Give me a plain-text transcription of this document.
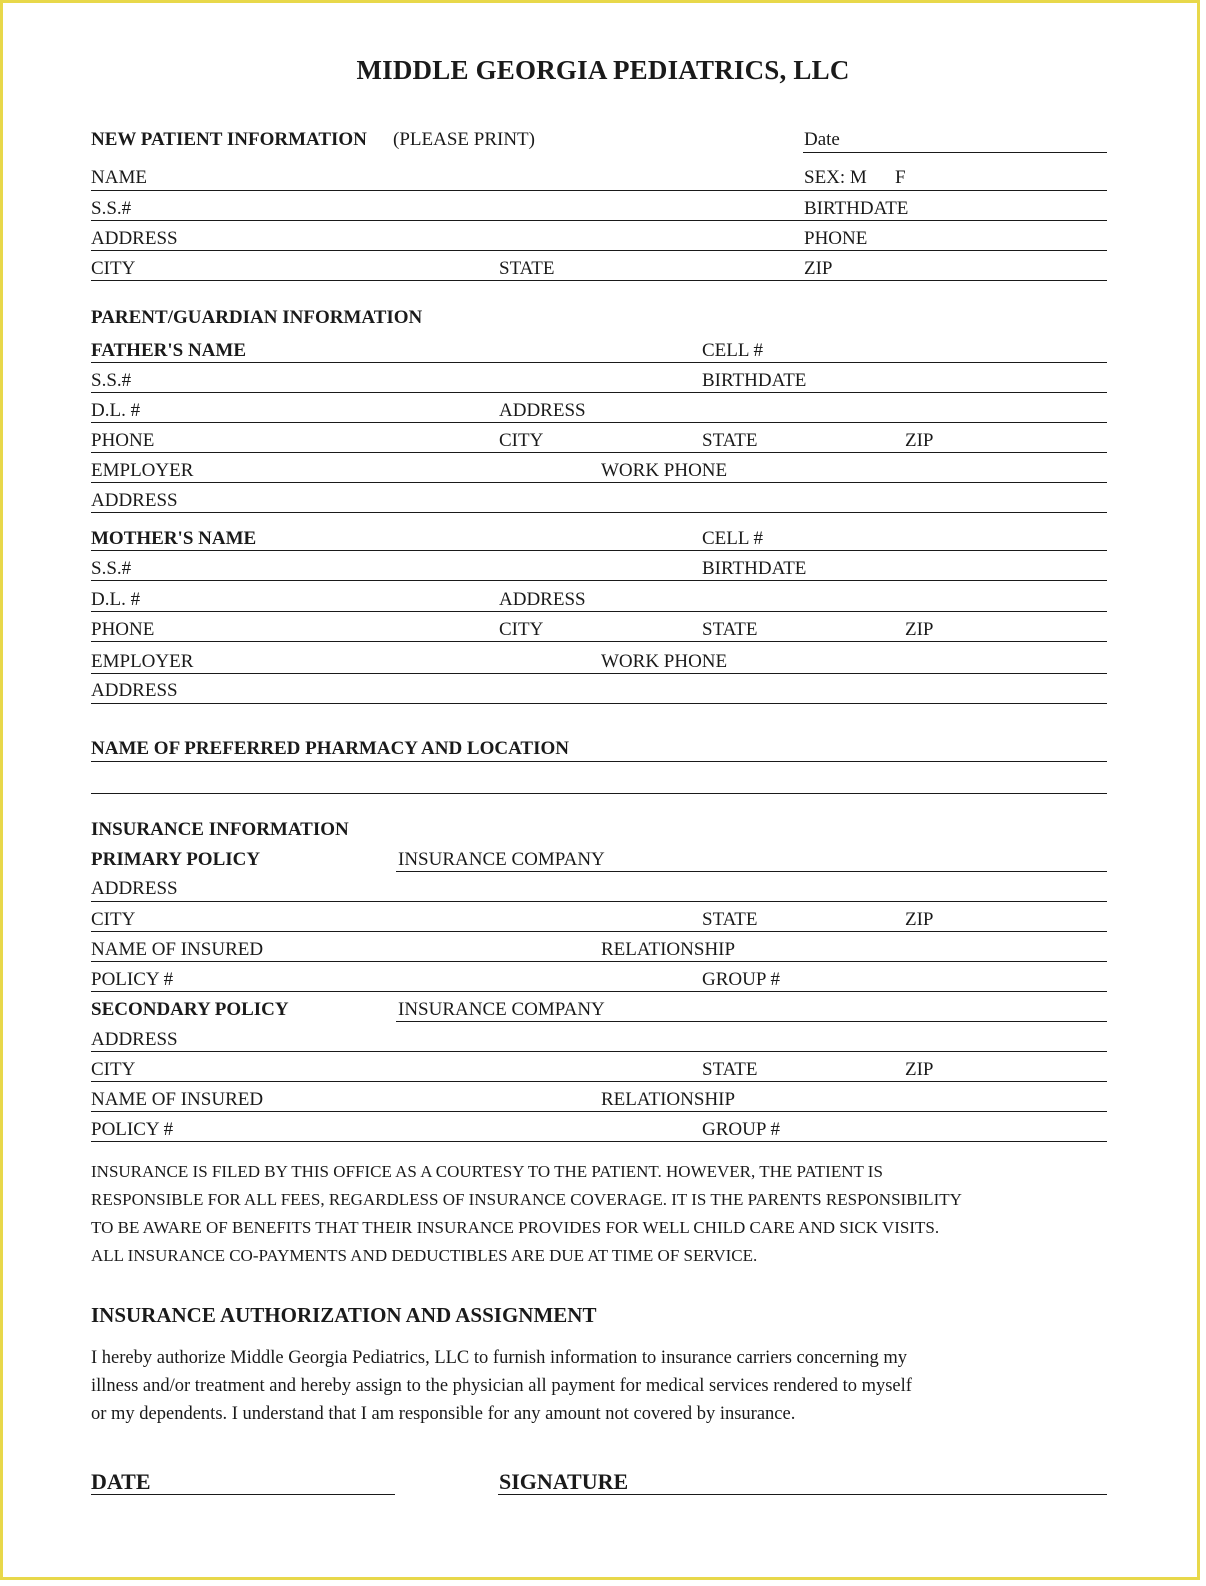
MIDDLE GEORGIA PEDIATRICS, LLC
NEW PATIENT INFORMATION (PLEASE PRINT)	Date
NAME	SEX: M F
S.S.#	BIRTHDATE
ADDRESS	PHONE
CITY	STATE	ZIP
PARENT/GUARDIAN INFORMATION
FATHER'S NAME	CELL #
S.S.#	BIRTHDATE
D.L. #	ADDRESS
PHONE	CITY	STATE	ZIP
EMPLOYER	WORK PHONE
ADDRESS
MOTHER'S NAME	CELL #
S.S.#	BIRTHDATE
D.L. #	ADDRESS
PHONE	CITY	STATE	ZIP
EMPLOYER	WORK PHONE
ADDRESS
NAME OF PREFERRED PHARMACY AND LOCATION
INSURANCE INFORMATION
PRIMARY POLICY	INSURANCE COMPANY
ADDRESS
CITY	STATE	ZIP
NAME OF INSURED	RELATIONSHIP
POLICY #	GROUP #
SECONDARY POLICY	INSURANCE COMPANY
ADDRESS
CITY	STATE	ZIP
NAME OF INSURED	RELATIONSHIP
POLICY #	GROUP #
INSURANCE IS FILED BY THIS OFFICE AS A COURTESY TO THE PATIENT. HOWEVER, THE PATIENT IS
RESPONSIBLE FOR ALL FEES, REGARDLESS OF INSURANCE COVERAGE. IT IS THE PARENTS RESPONSIBILITY
TO BE AWARE OF BENEFITS THAT THEIR INSURANCE PROVIDES FOR WELL CHILD CARE AND SICK VISITS.
ALL INSURANCE CO-PAYMENTS AND DEDUCTIBLES ARE DUE AT TIME OF SERVICE.
INSURANCE AUTHORIZATION AND ASSIGNMENT
I hereby authorize Middle Georgia Pediatrics, LLC to furnish information to insurance carriers concerning my
illness and/or treatment and hereby assign to the physician all payment for medical services rendered to myself
or my dependents. I understand that I am responsible for any amount not covered by insurance.
DATE	SIGNATURE
